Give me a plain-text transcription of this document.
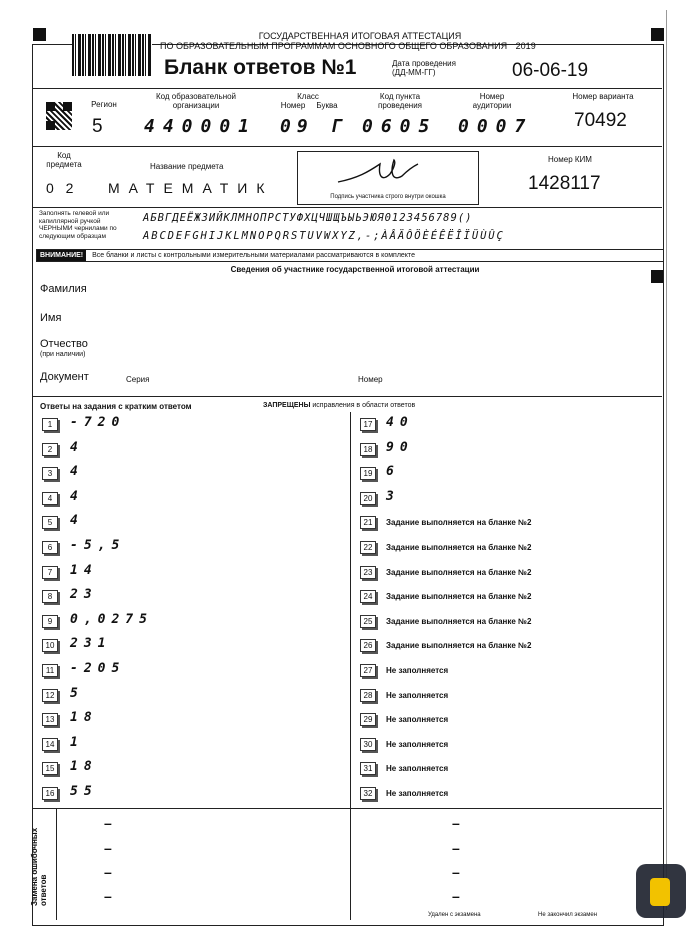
ГОСУДАРСТВЕННАЯ ИТОГОВАЯ АТТЕСТАЦИЯ
ПО ОБРАЗОВАТЕЛЬНЫМ ПРОГРАММАМ ОСНОВНОГО ОБЩЕГО ОБРАЗОВАНИЯ 2019
Бланк ответов №1	Дата проведения
(ДД-ММ-ГГ)	06-06-19
Регион
5
Код образовательной организации
440001
Класс
Номер	Буква
09 Г
Код пункта проведения
0605
Номер аудитории
0007
Номер варианта
70492
Код предмета
0 2
Название предмета
МАТЕМАТИК
Подпись участника строго внутри окошка
Номер КИМ
1428117
Заполнять гелевой или капиллярной ручкой ЧЕРНЫМИ чернилами по следующим образцам
АБВГДЕЁЖЗИЙКЛМНОПРСТУФХЦЧШЩЪЫЬЭЮЯ0123456789()
ABCDEFGHIJKLMNOPQRSTUVWXYZ,-;ÀÂÄÔÖÈÉÊËÎÏÜÙÛÇ
ВНИМАНИЕ! Все бланки и листы с контрольными измерительными материалами рассматриваются в комплекте
Сведения об участнике государственной итоговой аттестации
Фамилия
Имя
Отчество
(при наличии)
Документ	Серия	Номер
Ответы на задания с кратким ответом	ЗАПРЕЩЕНЫ исправления в области ответов
1	-720
2	4
3	4
4	4
5	4
6	-5,5
7	14
8	23
9	0,0275
10 231
11 -205
12 5
13 18
14 1
15 18
16 55
17 40
18 90
19 6
20 3
21	Задание выполняется на бланке №2
22	Задание выполняется на бланке №2
23	Задание выполняется на бланке №2
24	Задание выполняется на бланке №2
25	Задание выполняется на бланке №2
26	Задание выполняется на бланке №2
27	Не заполняется
28	Не заполняется
29	Не заполняется
30	Не заполняется
31	Не заполняется
32	Не заполняется
Замена ошибочных ответов
–	–
–	–
–	–
–	–
Удален с экзамена	Не закончил экзамен
